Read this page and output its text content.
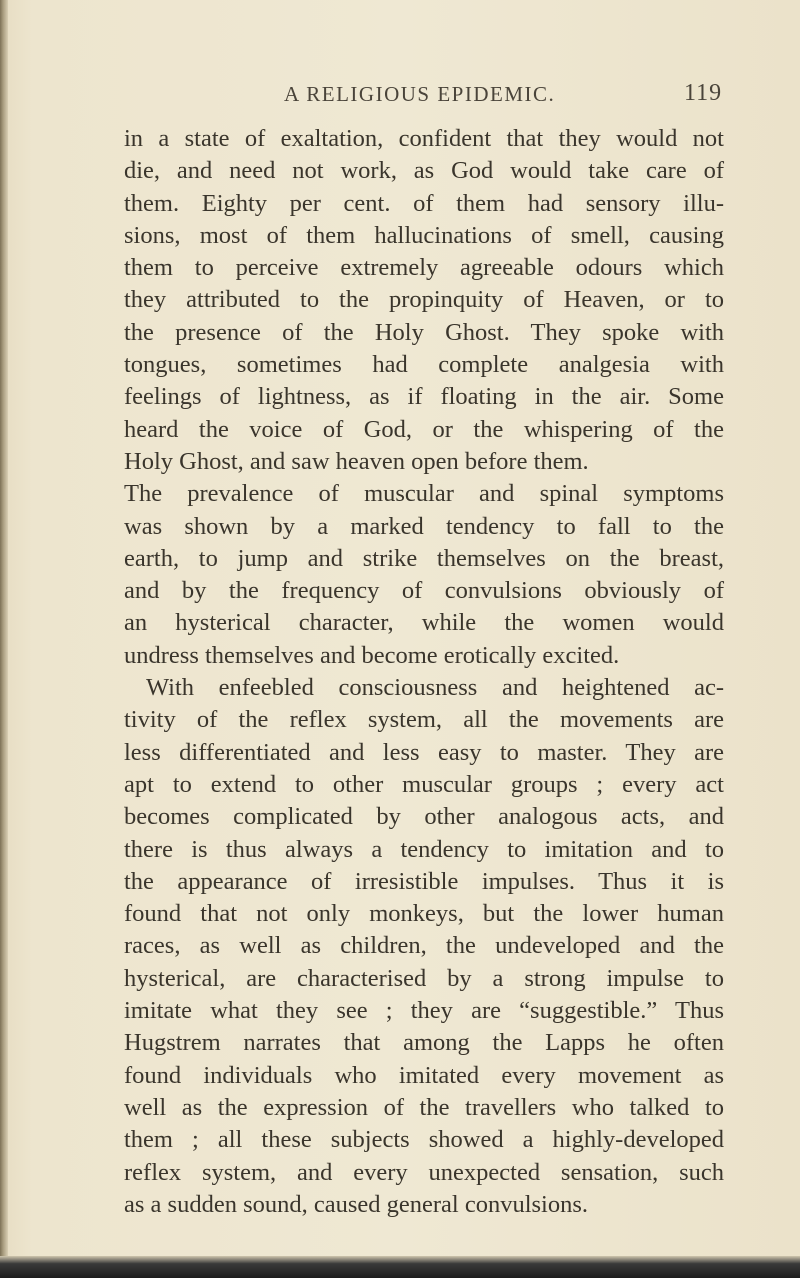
A RELIGIOUS EPIDEMIC.	119
in a state of exaltation, confident that they would not
die, and need not work, as God would take care of
them. Eighty per cent. of them had sensory illu-
sions, most of them hallucinations of smell, causing
them to perceive extremely agreeable odours which
they attributed to the propinquity of Heaven, or to
the presence of the Holy Ghost. They spoke with
tongues, sometimes had complete analgesia with
feelings of lightness, as if floating in the air. Some
heard the voice of God, or the whispering of the
Holy Ghost, and saw heaven open before them.
The prevalence of muscular and spinal symptoms
was shown by a marked tendency to fall to the
earth, to jump and strike themselves on the breast,
and by the frequency of convulsions obviously of
an hysterical character, while the women would
undress themselves and become erotically excited.
With enfeebled consciousness and heightened ac-
tivity of the reflex system, all the movements are
less differentiated and less easy to master. They are
apt to extend to other muscular groups ; every act
becomes complicated by other analogous acts, and
there is thus always a tendency to imitation and to
the appearance of irresistible impulses. Thus it is
found that not only monkeys, but the lower human
races, as well as children, the undeveloped and the
hysterical, are characterised by a strong impulse to
imitate what they see ; they are “suggestible.” Thus
Hugstrem narrates that among the Lapps he often
found individuals who imitated every movement as
well as the expression of the travellers who talked to
them ; all these subjects showed a highly-developed
reflex system, and every unexpected sensation, such
as a sudden sound, caused general convulsions.
